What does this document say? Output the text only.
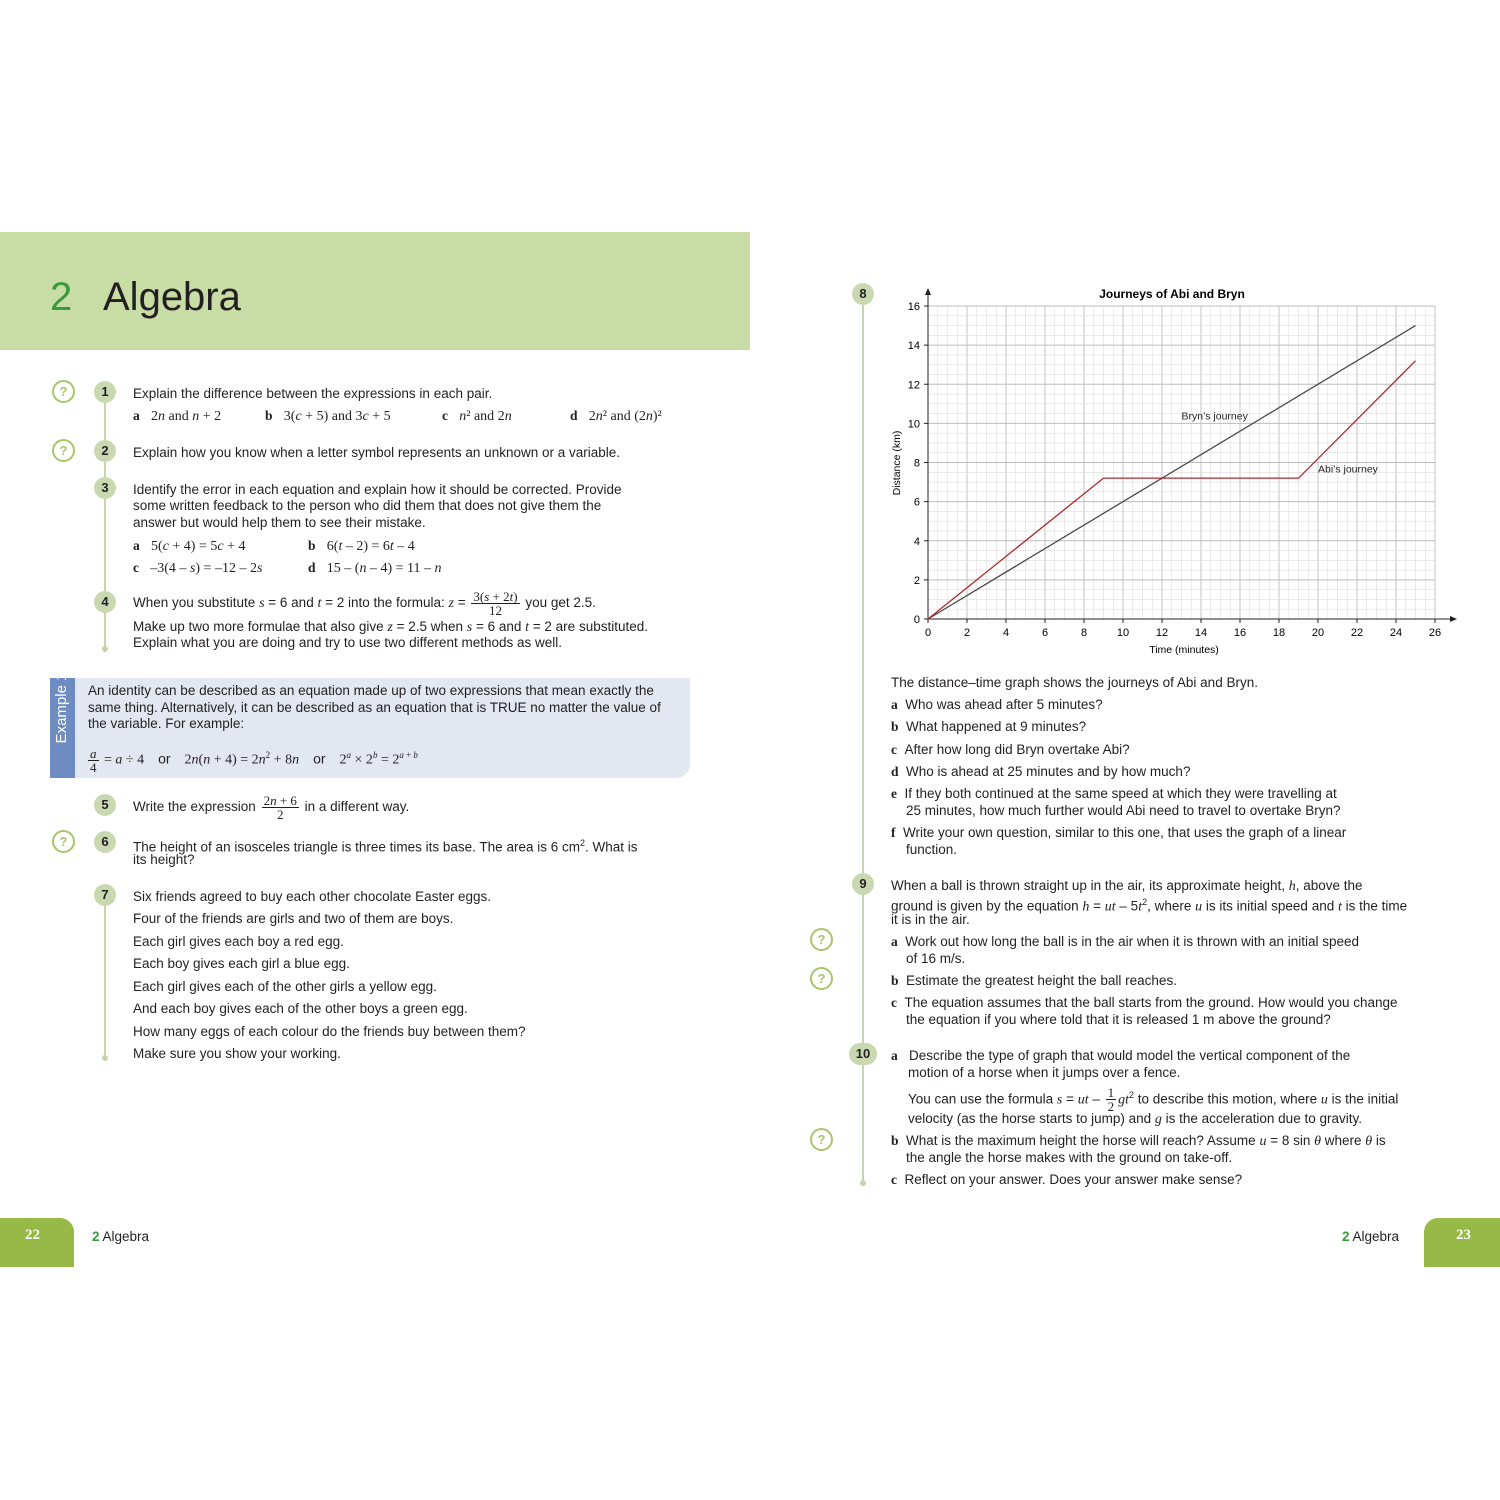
2 Algebra
?
?
?
1	Explain the difference between the expressions in each pair.
a 2n and n + 2	b 3(c + 5) and 3c + 5	c n² and 2n	d 2n² and (2n)²
2	Explain how you know when a letter symbol represents an unknown or a variable.
3	Identify the error in each equation and explain how it should be corrected. Provide
some written feedback to the person who did them that does not give them the
answer but would help them to see their mistake.
a 5(c + 4) = 5c + 4	b 6(t – 2) = 6t – 4
c –3(4 – s) = –12 – 2s	d 15 – (n – 4) = 11 – n
4	When you substitute s = 6 and t = 2 into the formula: $z = \frac{3(s + 2t)}{12}$ you get 2.5.
Make up two more formulae that also give z = 2.5 when s = 6 and t = 2 are substituted.
Explain what you are doing and try to use two different methods as well.
Example 1 An identity can be described as an equation made up of two expressions that mean exactly the
same thing. Alternatively, it can be described as an equation that is TRUE no matter the value of
the variable. For example:
$\frac{a}{4} = a \div 4$    or    $2n(n + 4) = 2n^2 + 8n$ or    $2^a \times 2^b = 2^{a + b}$
5	Write the expression $\frac{2n + 6}{2}$ in a different way.
6	The height of an isosceles triangle is three times its base. The area is 6 $cm^2$. What is
its height?
7	Six friends agreed to buy each other chocolate Easter eggs.
Four of the friends are girls and two of them are boys.
Each girl gives each boy a red egg.
Each boy gives each girl a blue egg.
Each girl gives each of the other girls a yellow egg.
And each boy gives each of the other boys a green egg.
How many eggs of each colour do the friends buy between them?
Make sure you show your working.
8
0	2	4	6	8	10 12 14 16 18 20 22 24 26
0
2
4
6
8
10
12
14
16
Bryn’s journey
Abi’s journey
Journeys of Abi and Bryn
Time (minutes)
Distance (km)
The distance–time graph shows the journeys of Abi and Bryn.
a Who was ahead after 5 minutes?
b What happened at 9 minutes?
c After how long did Bryn overtake Abi?
d Who is ahead at 25 minutes and by how much?
e If they both continued at the same speed at which they were travelling at
25 minutes, how much further would Abi need to travel to overtake Bryn?
f Write your own question, similar to this one, that uses the graph of a linear
function.
9	When a ball is thrown straight up in the air, its approximate height, h, above the
ground is given by the equation h = ut – $5t^2$, where u is its initial speed and t is the time
it is in the air.
?	a Work out how long the ball is in the air when it is thrown with an initial speed
of 16 m/s.
?	b Estimate the greatest height the ball reaches.
c The equation assumes that the ball starts from the ground. How would you change
the equation if you where told that it is released 1 m above the ground?
10	a Describe the type of graph that would model the vertical component of the
motion of a horse when it jumps over a fence.
You can use the formula s = ut – $\frac{1}{2} gt^2$ to describe this motion, where u is the initial
velocity (as the horse starts to jump) and g is the acceleration due to gravity.
?	b What is the maximum height the horse will reach? Assume u = 8 sin θ where θ is
the angle the horse makes with the ground on take-off.
c Reflect on your answer. Does your answer make sense?
22	2 Algebra	23
2 Algebra
